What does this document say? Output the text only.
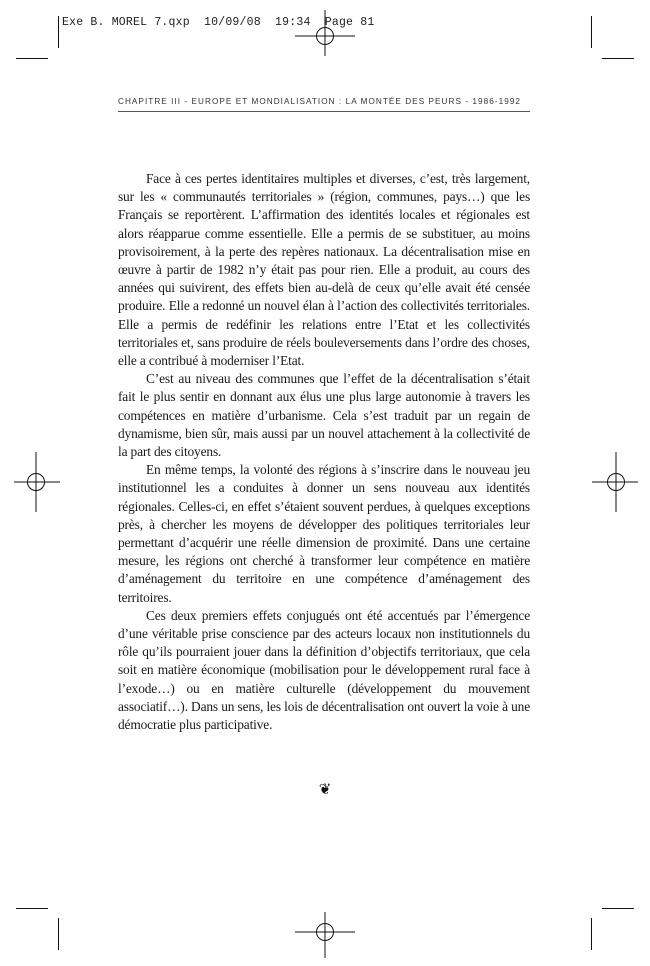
Exe B. MOREL 7.qxp  10/09/08  19:34  Page 81
CHAPITRE III - EUROPE ET MONDIALISATION : LA MONTÉE DES PEURS - 1986-1992

Face à ces pertes identitaires multiples et diverses, c’est, très largement, sur les « communautés territoriales » (région, communes, pays…) que les Français se reportèrent. L’affirmation des identités locales et régionales est alors réapparue comme essentielle. Elle a permis de se substituer, au moins provisoirement, à la perte des repères nationaux. La décentralisation mise en œuvre à partir de 1982 n’y était pas pour rien. Elle a produit, au cours des années qui suivirent, des effets bien au-delà de ceux qu’elle avait été censée produire. Elle a redonné un nouvel élan à l’action des collectivités territoriales. Elle a permis de redéfinir les relations entre l’Etat et les collectivités territoriales et, sans produire de réels bouleversements dans l’ordre des choses, elle a contribué à moderniser l’Etat.

C’est au niveau des communes que l’effet de la décentralisation s’était fait le plus sentir en donnant aux élus une plus large autonomie à travers les compétences en matière d’urbanisme. Cela s’est traduit par un regain de dynamisme, bien sûr, mais aussi par un nouvel attachement à la collectivité de la part des citoyens.

En même temps, la volonté des régions à s’inscrire dans le nouveau jeu institutionnel les a conduites à donner un sens nouveau aux identités régionales. Celles-ci, en effet s’étaient souvent perdues, à quelques exceptions près, à chercher les moyens de développer des politiques territoriales leur permettant d’acquérir une réelle dimension de proximité. Dans une certaine mesure, les régions ont cherché à transformer leur compétence en matière d’aménagement du territoire en une compétence d’aménagement des territoires.

Ces deux premiers effets conjugués ont été accentués par l’émergence d’une véritable prise conscience par des acteurs locaux non institutionnels du rôle qu’ils pourraient jouer dans la définition d’objectifs territoriaux, que cela soit en matière économique (mobilisation pour le développement rural face à l’exode…) ou en matière culturelle (développement du mouvement associatif…). Dans un sens, les lois de décentralisation ont ouvert la voie à une démocratie plus participative.

❦
